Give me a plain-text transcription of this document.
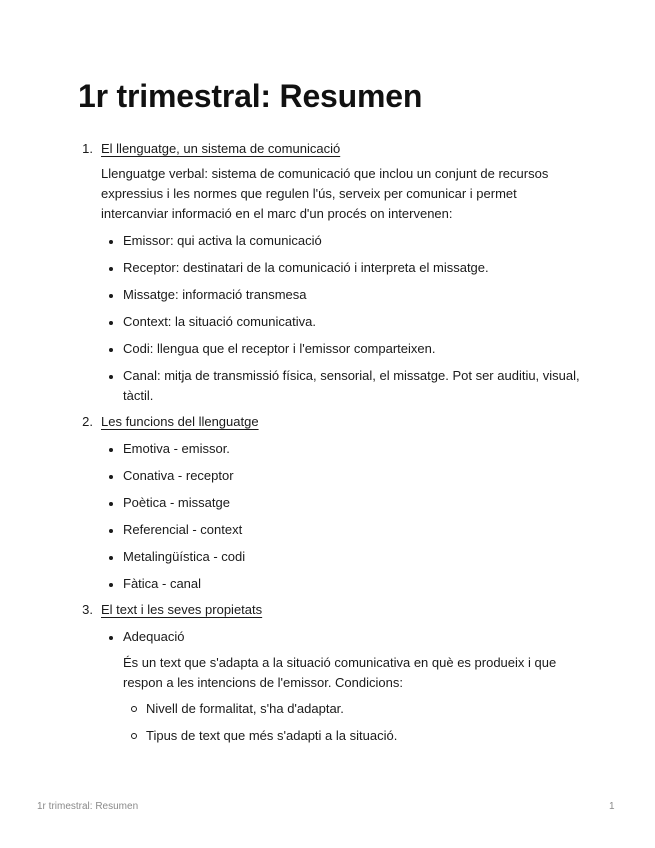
1r trimestral: Resumen
1. El llenguatge, un sistema de comunicació
Llenguatge verbal: sistema de comunicació que inclou un conjunt de recursos
expressius i les normes que regulen l'ús, serveix per comunicar i permet
intercanviar informació en el marc d'un procés on intervenen:
Emissor: qui activa la comunicació
Receptor: destinatari de la comunicació i interpreta el missatge.
Missatge: informació transmesa
Context: la situació comunicativa.
Codi: llengua que el receptor i l'emissor comparteixen.
Canal: mitja de transmissió física, sensorial, el missatge. Pot ser auditiu, visual,
tàctil.
2. Les funcions del llenguatge
Emotiva - emissor.
Conativa - receptor
Poètica - missatge
Referencial - context
Metalingüística - codi
Fàtica - canal
3. El text i les seves propietats
Adequació
És un text que s'adapta a la situació comunicativa en què es produeix i que
respon a les intencions de l'emissor. Condicions:
Nivell de formalitat, s'ha d'adaptar.
Tipus de text que més s'adapti a la situació.
1r trimestral: Resumen	1
